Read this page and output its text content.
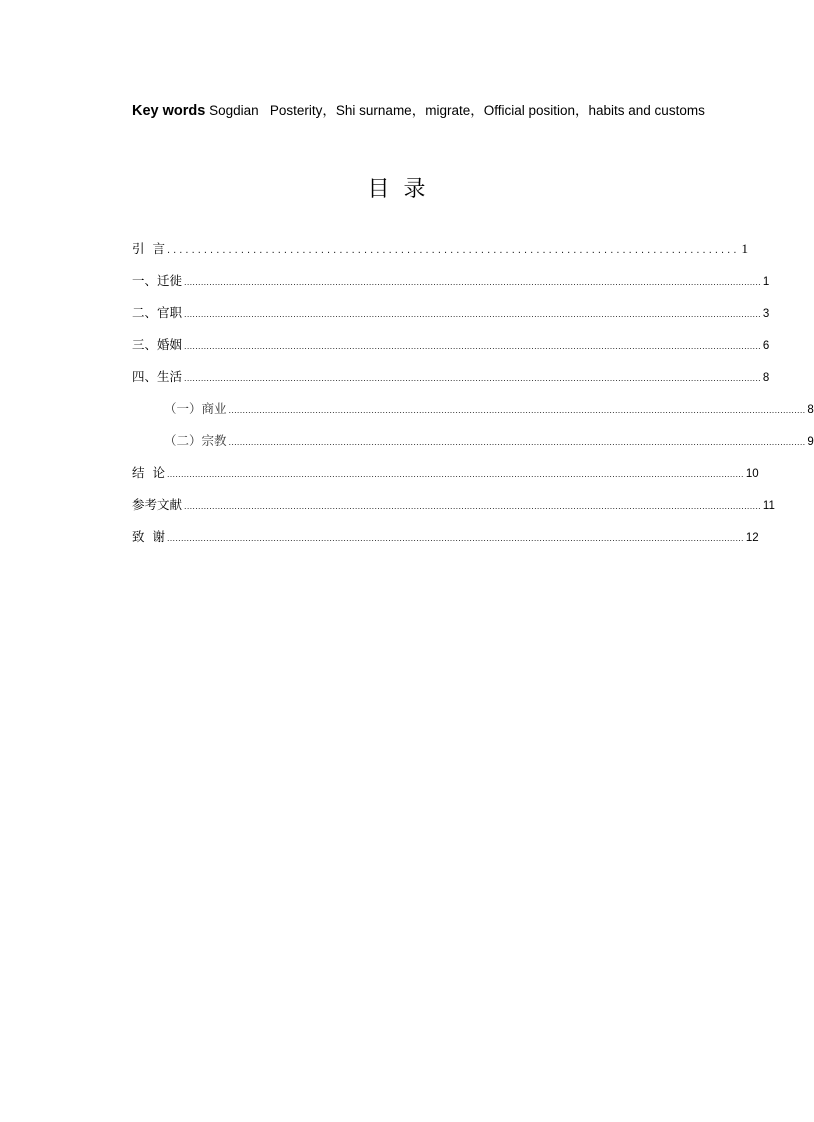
Key words Sogdian   Posterity，Shi surname，migrate，Official position，habits and customs
目  录
引  言 ............................................................................................. 1
一、迁徙 .............................................................................................................................................................................................................. 1
二、官职 .............................................................................................................................................................................................................. 3
三、婚姻 .............................................................................................................................................................................................................. 6
四、生活 .............................................................................................................................................................................................................. 8
（一）商业 .............................................................................................................................................................................................................. 8
（二）宗教 .............................................................................................................................................................................................................. 9
结  论 .............................................................................................................................................................................................................. 10
参考文献 .............................................................................................................................................................................................................. 11
致  谢 .............................................................................................................................................................................................................. 12
